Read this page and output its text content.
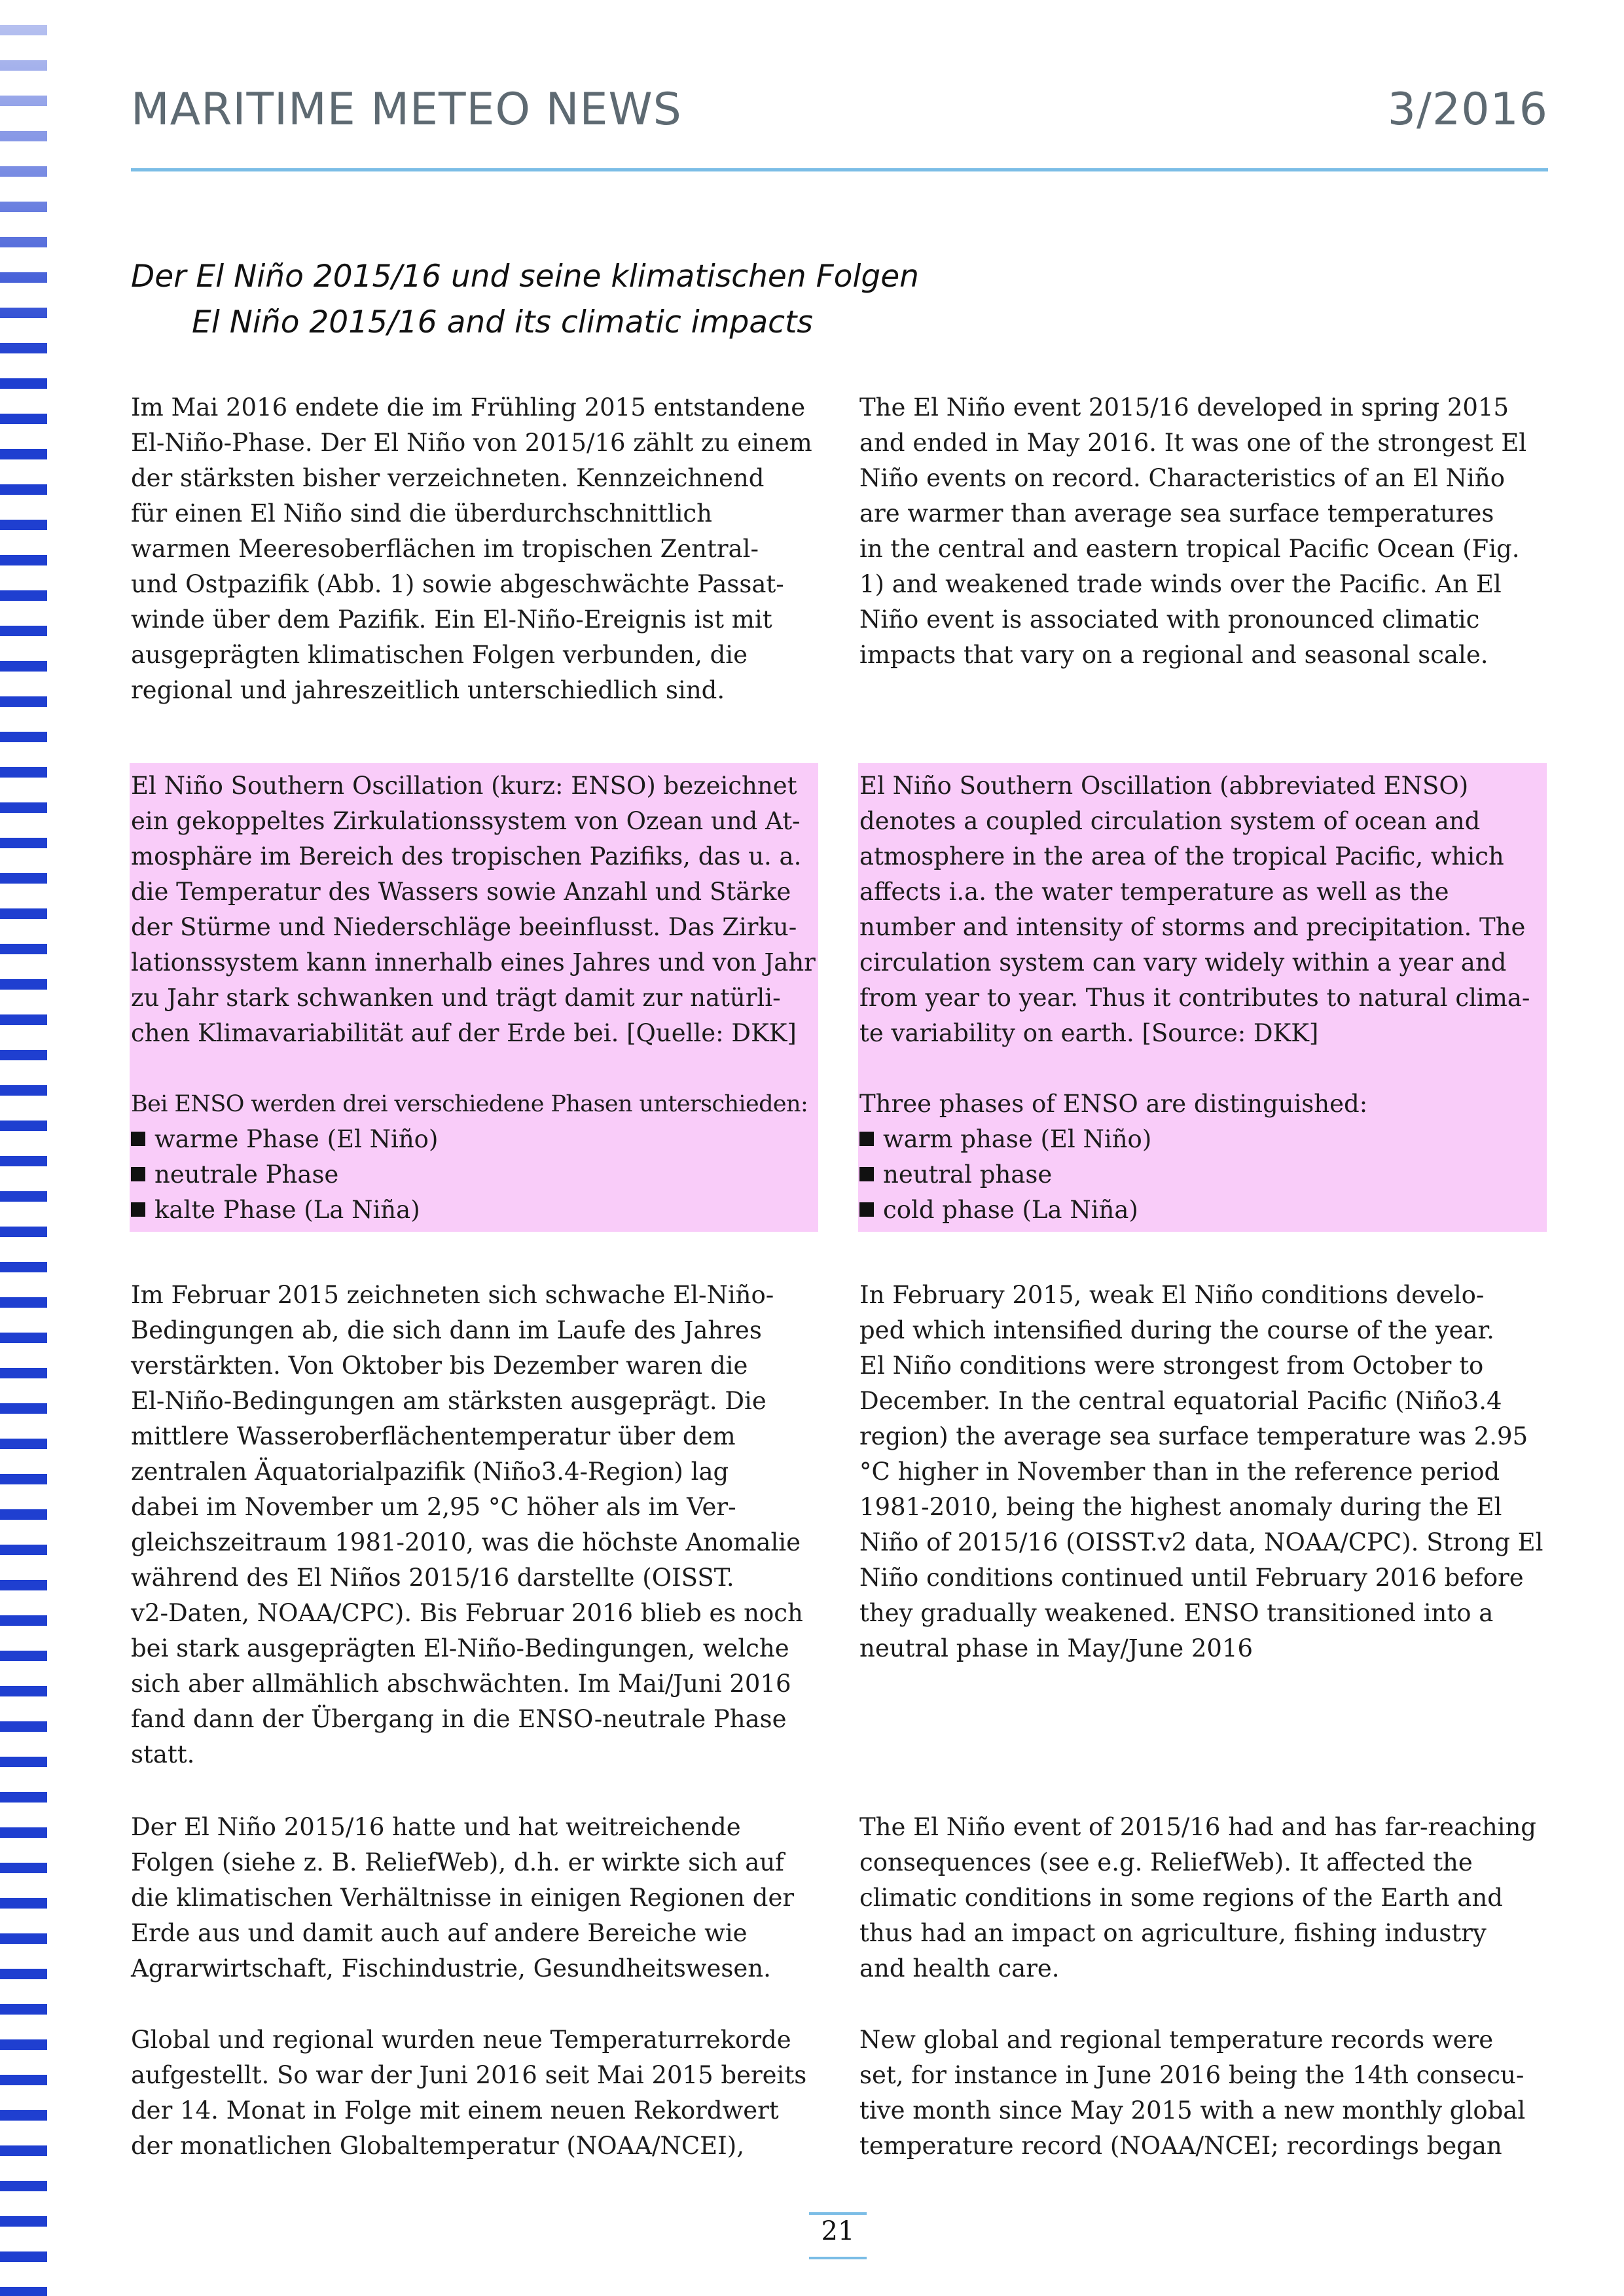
MARITIME METEO NEWS	3/2016
Der El Niño 2015/16 und seine klimatischen Folgen
El Niño 2015/16 and its climatic impacts
Im Mai 2016 endete die im Frühling 2015 entstandene
El-Niño-Phase. Der El Niño von 2015/16 zählt zu einem
der stärksten bisher verzeichneten. Kennzeichnend
für einen El Niño sind die überdurchschnittlich
warmen Meeresoberflächen im tropischen Zentral-
und Ostpazifik (Abb. 1) sowie abgeschwächte Passat-
winde über dem Pazifik. Ein El-Niño-Ereignis ist mit
ausgeprägten klimatischen Folgen verbunden, die
regional und jahreszeitlich unterschiedlich sind.
The El Niño event 2015/16 developed in spring 2015
and ended in May 2016. It was one of the strongest El
Niño events on record. Characteristics of an El Niño
are warmer than average sea surface temperatures
in the central and eastern tropical Pacific Ocean (Fig.
1) and weakened trade winds over the Pacific. An El
Niño event is associated with pronounced climatic
impacts that vary on a regional and seasonal scale.
El Niño Southern Oscillation (kurz: ENSO) bezeichnet
ein gekoppeltes Zirkulationssystem von Ozean und At-
mosphäre im Bereich des tropischen Pazifiks, das u. a.
die Temperatur des Wassers sowie Anzahl und Stärke
der Stürme und Niederschläge beeinflusst. Das Zirku-
lationssystem kann innerhalb eines Jahres und von Jahr
zu Jahr stark schwanken und trägt damit zur natürli-
chen Klimavariabilität auf der Erde bei. [Quelle: DKK]
Bei ENSO werden drei verschiedene Phasen unterschieden:
warme Phase (El Niño)
neutrale Phase
kalte Phase (La Niña)
El Niño Southern Oscillation (abbreviated ENSO)
denotes a coupled circulation system of ocean and
atmosphere in the area of the tropical Pacific, which
affects i.a. the water temperature as well as the
number and intensity of storms and precipitation. The
circulation system can vary widely within a year and
from year to year. Thus it contributes to natural clima-
te variability on earth. [Source: DKK]
Three phases of ENSO are distinguished:
warm phase (El Niño)
neutral phase
cold phase (La Niña)
Im Februar 2015 zeichneten sich schwache El-Niño-
Bedingungen ab, die sich dann im Laufe des Jahres
verstärkten. Von Oktober bis Dezember waren die
El-Niño-Bedingungen am stärksten ausgeprägt. Die
mittlere Wasseroberflächentemperatur über dem
zentralen Äquatorialpazifik (Niño3.4-Region) lag
dabei im November um 2,95 °C höher als im Ver-
gleichszeitraum 1981-2010, was die höchste Anomalie
während des El Niños 2015/16 darstellte (OISST.
v2-Daten, NOAA/CPC). Bis Februar 2016 blieb es noch
bei stark ausgeprägten El-Niño-Bedingungen, welche
sich aber allmählich abschwächten. Im Mai/Juni 2016
fand dann der Übergang in die ENSO-neutrale Phase
statt.
In February 2015, weak El Niño conditions develo-
ped which intensified during the course of the year.
El Niño conditions were strongest from October to
December. In the central equatorial Pacific (Niño3.4
region) the average sea surface temperature was 2.95
°C higher in November than in the reference period
1981-2010, being the highest anomaly during the El
Niño of 2015/16 (OISST.v2 data, NOAA/CPC). Strong El
Niño conditions continued until February 2016 before
they gradually weakened. ENSO transitioned into a
neutral phase in May/June 2016
Der El Niño 2015/16 hatte und hat weitreichende
Folgen (siehe z. B. ReliefWeb), d.h. er wirkte sich auf
die klimatischen Verhältnisse in einigen Regionen der
Erde aus und damit auch auf andere Bereiche wie
Agrarwirtschaft, Fischindustrie, Gesundheitswesen.
The El Niño event of 2015/16 had and has far-reaching
consequences (see e.g. ReliefWeb). It affected the
climatic conditions in some regions of the Earth and
thus had an impact on agriculture, fishing industry
and health care.
Global und regional wurden neue Temperaturrekorde
aufgestellt. So war der Juni 2016 seit Mai 2015 bereits
der 14. Monat in Folge mit einem neuen Rekordwert
der monatlichen Globaltemperatur (NOAA/NCEI),
New global and regional temperature records were
set, for instance in June 2016 being the 14th consecu-
tive month since May 2015 with a new monthly global
temperature record (NOAA/NCEI; recordings began
21
